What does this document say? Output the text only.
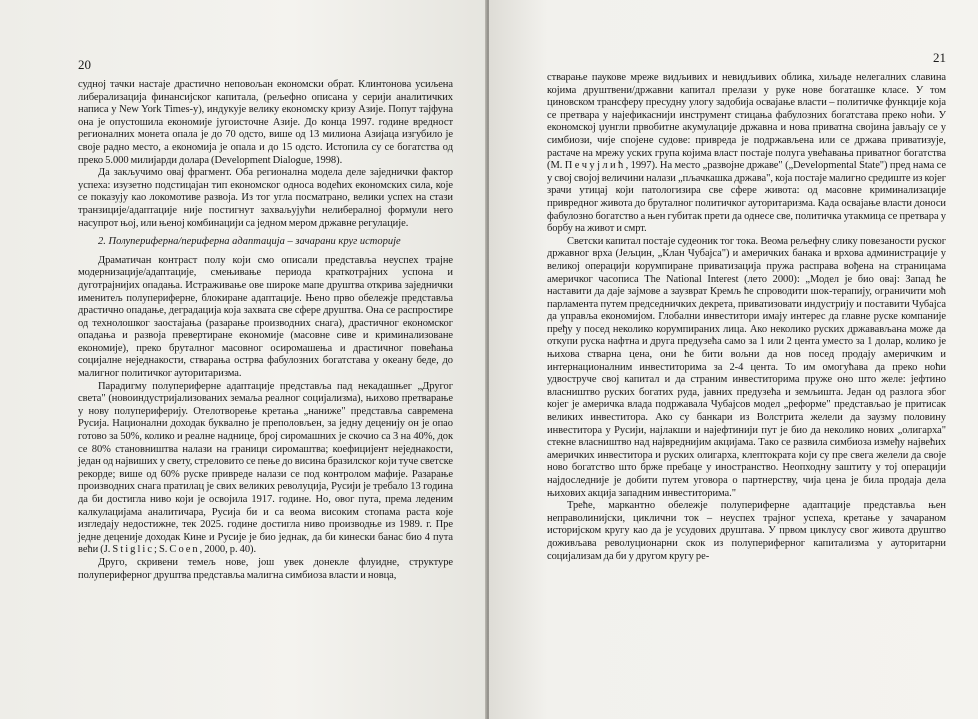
20

судној тачки настаје драстично неповољан економски обрат. Клинтонова усиљена либерализација финансијског капитала, (рељефно описана у серији аналитичких написа у New York Times-у), индукује велику економску кризу Азије. Попут тајфуна она је опустошила економије југоисточне Азије. До конца 1997. године вредност регионалних монета опала је до 70 одсто, више од 13 милиона Азијаца изгубило је своје радно место, а економија је опала и до 15 одсто. Истопила су се богатства од преко 5.000 милијарди долара (Development Dialogue, 1998).

Да закључимо овај фрагмент. Оба регионална модела деле заједнички фактор успеха: изузетно подстицајан тип економског односа водећих економских сила, које се показују као локомотиве развоја. Из тог угла посматрано, велики успех на стази транзиције/адаптације није постигнут захваљујући нелибералној формули него насупрот њој, или њеној комбинацији са једном мером државне регулације.

2. Полупериферна/периферна адаптација – зачарани круг историје

Драматичан контраст полу који смо описали представља неуспех трајне модернизације/адаптације, смењивање периода краткотрајних успона и дуготрајнијих опадања. Истраживање ове широке мапе друштва открива заједнички именитељ полупериферне, блокиране адаптације. Њено прво обележје представља драстично опадање, деградација која захвата све сфере друштва. Она се распростире од технолошког заостајања (разарање производних снага), драстичног економског опадања и развоја превертиране економије (масовне сиве и криминализоване економије), преко бруталног масовног осиромашења и драстичног повећања социјалне неједнакости, стварања острва фабулозних богатстава у океану беде, до малигног политичког ауторитаризма.

Парадигму полупериферне адаптације представља пад некадашњег „Другог света" (новоиндустријализованих земаља реалног социјализма), њихово претварање у нову полупериферију. Отелотворење кретања „наниже" представља савремена Русија. Национални доходак буквално је преполовљен, за једну деценију он је опао готово за 50%, колико и реалне наднице, број сиромашних је скочио са 3 на 40%, док се 80% становништва налази на граници сиромаштва; коефицијент неједнакости, један од највиших у свету, стреловито се пење до висина бразилског који туче светске рекорде; више од 60% руске привреде налази се под контролом мафије. Разарање производних снага пратилац је свих великих револуција, Русији је требало 13 година да би достигла ниво који је освојила 1917. године. Но, овог пута, према леденим калкулацијама аналитичара, Русија би и са веома високим стопама раста које изгледају недостижне, тек 2025. године достигла ниво производње из 1989. г. Пре једне деценије доходак Кине и Русије је био једнак, да би кинески банас био 4 пута већи (J. S t i g l i c ; S. C o e n , 2000, p. 40).

Друго, скривени темељ нове, још увек донекле флуидне, структуре полупериферног друштва представља малигна симбиоза власти и новца,

21

стварање паукове мреже видљивих и невидљивих облика, хиљаде нелегалних славина којима друштвени/државни капитал прелази у руке нове богаташке класе. У том циновском трансферу пресудну улогу задобија освајање власти – политичке функције која се претвара у најефикаснији инструмент стицања фабулозних богатстава преко ноћи. У економској џунгли првобитне акумулације државна и нова приватна својина јављају се у симбиози, чије спојене судове: привреда је подржављена или се држава приватизује, растаче на мрежу уских група којима власт постаје полуга увећавања приватног богатства (М. П е ч у ј л и ћ , 1997). На место „развојне државе" („Developmental State") пред нама се у свој својој величини налази „пљачкашка држава", која постаје малигно средиште из којег зрачи утицај који патологизира све сфере живота: од масовне криминализације привредног живота до бруталног политичког ауторитаризма. Када освајање власти доноси фабулозно богатство а њен губитак прети да однесе све, политичка утакмица се претвара у борбу на живот и смрт.

Светски капитал постаје судеоник тог тока. Веома рељефну слику повезаности руског државног врха (Јељцин, „Клан Чубајса") и америчких банака и врхова администрације у великој операцији корумпиране приватизација пружа расправа вођена на страницама америчког часописа The National Interest (лето 2000): „Модел је био овај: Запад ће наставити да даје зајмове а заузврат Кремљ ће спроводити шок-терапију, ограничити моћ парламента путем председничких декрета, приватизовати индустрију и поставити Чубајса да управља економијом. Глобални инвеститори имају интерес да главне руске компаније пређу у посед неколико корумпираних лица. Ако неколико руских државављана може да откупи руска нафтна и друга предузећа само за 1 или 2 цента уместо за 1 долар, колико је њихова стварна цена, они ће бити вољни да нов посед продају америчким и интернационалним инвеститорима за 2-4 цента. То им омогућава да преко ноћи удвоструче свој капитал и да страним инвеститорима пруже оно што желе: јефтино власништво руских богатих руда, јавних предузећа и земљишта. Један од разлога због којег је америчка влада подржавала Чубајсов модел „реформе" представљао је притисак великих инвеститора. Ако су банкари из Волстрита желели да заузму половину инвеститора у Русији, најлакши и најефтинији пут је био да неколико нових „олигарха" стекне власништво над највреднијим акцијама. Тако се развила симбиоза између највећих америчких инвеститора и руских олигарха, клептократа који су пре свега желели да своје ново богатство што брже пребаце у иностранство. Неопходну заштиту у тој операцији најдоследније је добити путем уговора о партнерству, чија цена је била продаја дела њихових акција западним инвеститорима."

Треће, маркантно обележје полупериферне адаптације представља њен неправолинијски, циклични ток – неуспех трајног успеха, кретање у зачараном историјском кругу као да је усудових друштава. У првом циклусу свог живота друштво доживљава револуционарни скок из полупериферног капитализма у ауторитарни социјализам да би у другом кругу ре-
